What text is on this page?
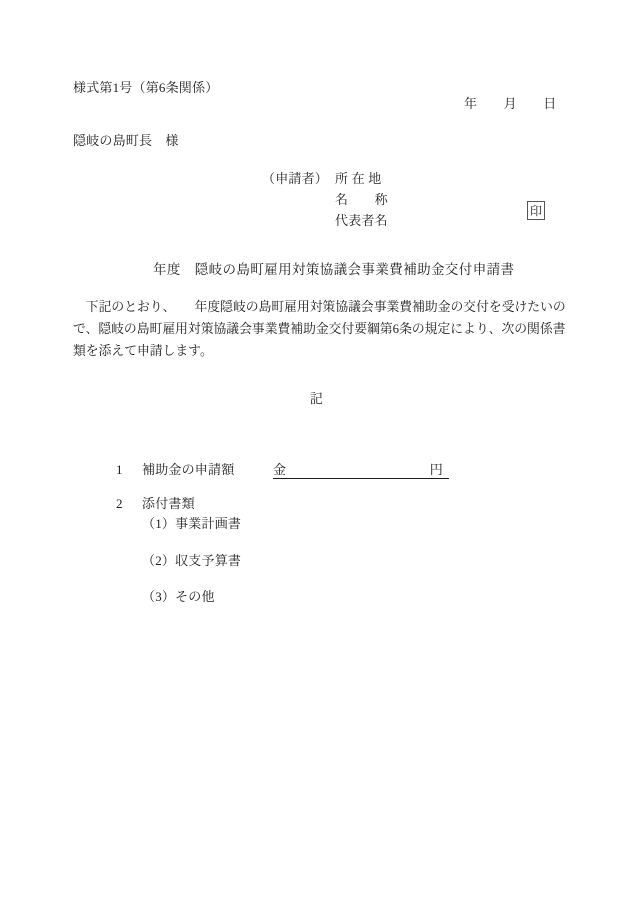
様式第1号（第6条関係）
年　　月　　日
隠岐の島町長　様
（申請者） 所 在 地
名　　称
代表者名
印
年度　隠岐の島町雇用対策協議会事業費補助金交付申請書
　下記のとおり、　　年度隠岐の島町雇用対策協議会事業費補助金の交付を受けたいの
で、隠岐の島町雇用対策協議会事業費補助金交付要綱第6条の規定により、次の関係書
類を添えて申請します。
記
1 補助金の申請額	金	円
2 添付書類
（1）事業計画書
（2）収支予算書
（3）その他
